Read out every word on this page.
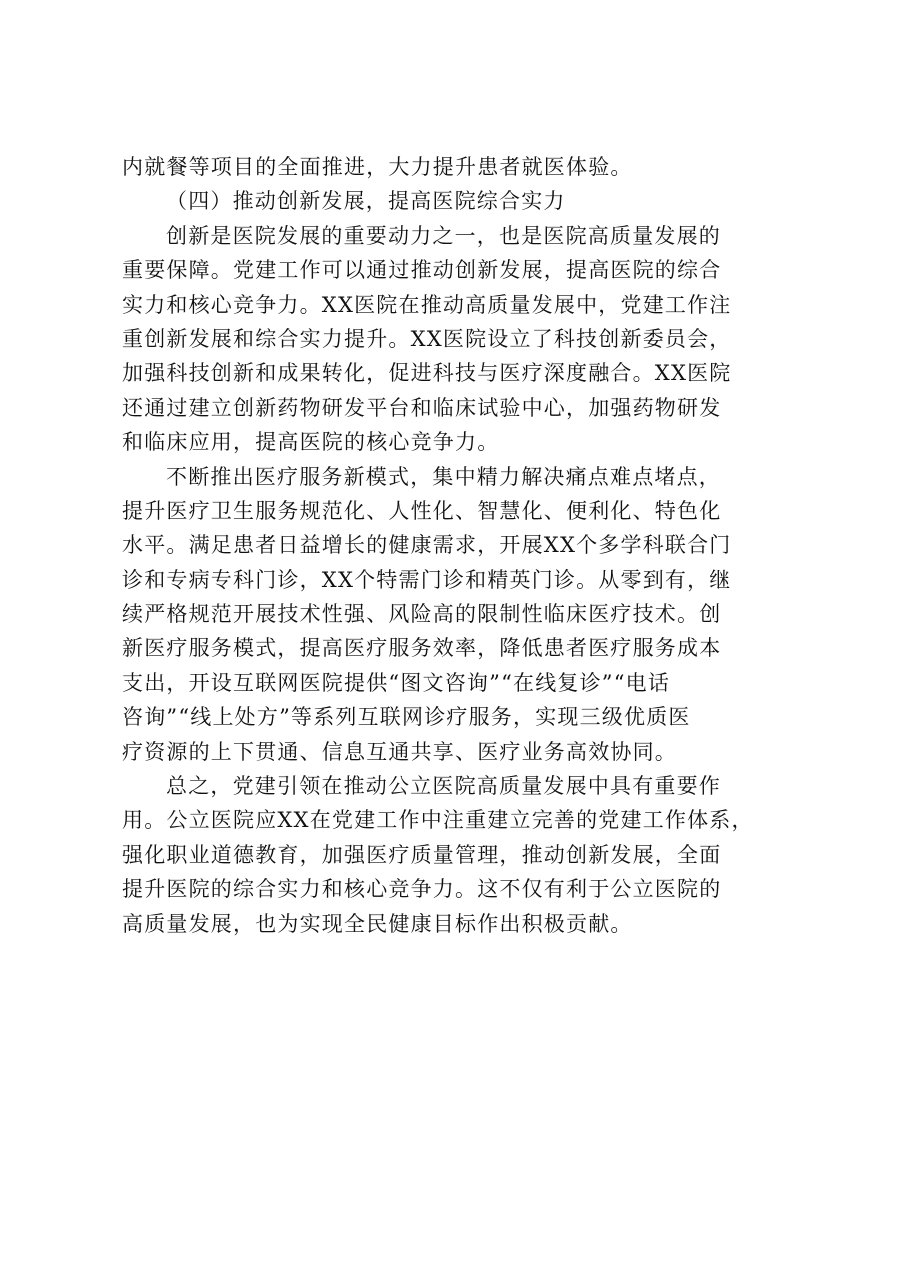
内就餐等项目的全面推进，大力提升患者就医体验。
（四）推动创新发展，提高医院综合实力
创新是医院发展的重要动力之一，也是医院高质量发展的
重要保障。党建工作可以通过推动创新发展，提高医院的综合
实力和核心竞争力。XX医院在推动高质量发展中，党建工作注
重创新发展和综合实力提升。XX医院设立了科技创新委员会，
加强科技创新和成果转化，促进科技与医疗深度融合。XX医院
还通过建立创新药物研发平台和临床试验中心，加强药物研发
和临床应用，提高医院的核心竞争力。
不断推出医疗服务新模式，集中精力解决痛点难点堵点，
提升医疗卫生服务规范化、人性化、智慧化、便利化、特色化
水平。满足患者日益增长的健康需求，开展XX个多学科联合门
诊和专病专科门诊，XX个特需门诊和精英门诊。从零到有，继
续严格规范开展技术性强、风险高的限制性临床医疗技术。创
新医疗服务模式，提高医疗服务效率，降低患者医疗服务成本
支出，开设互联网医院提供“图文咨询”“在线复诊”“电话
咨询”“线上处方”等系列互联网诊疗服务，实现三级优质医
疗资源的上下贯通、信息互通共享、医疗业务高效协同。
总之，党建引领在推动公立医院高质量发展中具有重要作
用。公立医院应XX在党建工作中注重建立完善的党建工作体系，
强化职业道德教育，加强医疗质量管理，推动创新发展，全面
提升医院的综合实力和核心竞争力。这不仅有利于公立医院的
高质量发展，也为实现全民健康目标作出积极贡献。
